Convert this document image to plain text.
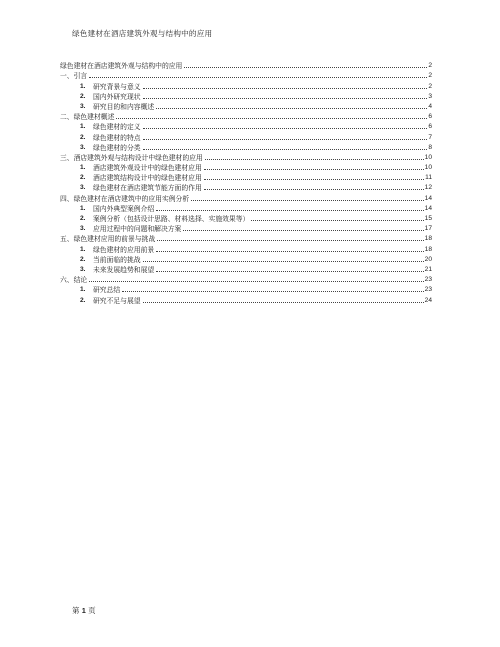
绿色建材在酒店建筑外观与结构中的应用
绿色建材在酒店建筑外观与结构中的应用	2
一、引言	2
1.	研究背景与意义	2
2.	国内外研究现状	3
3.	研究目的和内容概述	4
二、绿色建材概述	6
1.	绿色建材的定义	6
2.	绿色建材的特点	7
3.	绿色建材的分类	8
三、酒店建筑外观与结构设计中绿色建材的应用	10
1.	酒店建筑外观设计中的绿色建材应用	10
2.	酒店建筑结构设计中的绿色建材应用	11
3.	绿色建材在酒店建筑节能方面的作用	12
四、绿色建材在酒店建筑中的应用实例分析	14
1.	国内外典型案例介绍	14
2.	案例分析（包括设计思路、材料选择、实施效果等）	15
3.	应用过程中的问题和解决方案	17
五、绿色建材应用的前景与挑战	18
1.	绿色建材的应用前景	18
2.	当前面临的挑战	20
3.	未来发展趋势和展望	21
六、结论	23
1.	研究总结	23
2.	研究不足与展望	24
第 1 页
